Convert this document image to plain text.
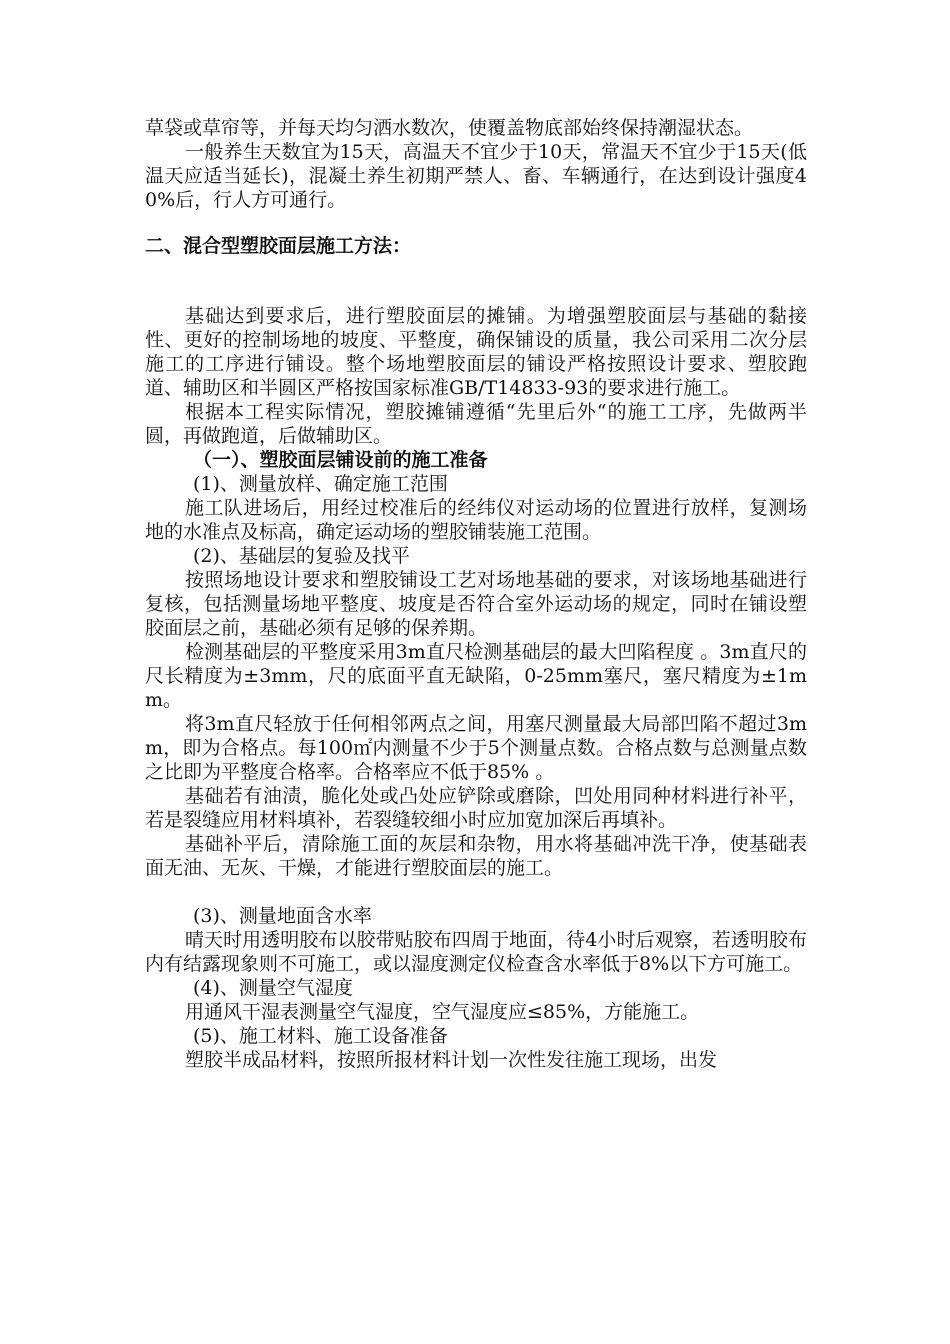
草袋或草帘等，并每天均匀洒水数次，使覆盖物底部始终保持潮湿状态。

一般养生天数宜为15天，高温天不宜少于10天，常温天不宜少于15天(低温天应适当延长)，混凝土养生初期严禁人、畜、车辆通行，在达到设计强度40%后，行人方可通行。

二、混合型塑胶面层施工方法：

基础达到要求后，进行塑胶面层的摊铺。为增强塑胶面层与基础的黏接性、更好的控制场地的坡度、平整度，确保铺设的质量，我公司采用二次分层施工的工序进行铺设。整个场地塑胶面层的铺设严格按照设计要求、塑胶跑道、辅助区和半圆区严格按国家标准GB/T14833-93的要求进行施工。

根据本工程实际情况，塑胶摊铺遵循“先里后外“的施工工序，先做两半圆，再做跑道，后做辅助区。

（一）、塑胶面层铺设前的施工准备

(1)、测量放样、确定施工范围

施工队进场后，用经过校准后的经纬仪对运动场的位置进行放样，复测场地的水准点及标高，确定运动场的塑胶铺装施工范围。

(2)、基础层的复验及找平

按照场地设计要求和塑胶铺设工艺对场地基础的要求，对该场地基础进行复核，包括测量场地平整度、坡度是否符合室外运动场的规定，同时在铺设塑胶面层之前，基础必须有足够的保养期。

检测基础层的平整度采用3m直尺检测基础层的最大凹陷程度 。3m直尺的尺长精度为±3mm，尺的底面平直无缺陷，0-25mm塞尺，塞尺精度为±1mm。

将3m直尺轻放于任何相邻两点之间，用塞尺测量最大局部凹陷不超过3mm，即为合格点。每100㎡内测量不少于5个测量点数。合格点数与总测量点数之比即为平整度合格率。合格率应不低于85% 。

基础若有油渍，脆化处或凸处应铲除或磨除，凹处用同种材料进行补平，若是裂缝应用材料填补，若裂缝较细小时应加宽加深后再填补。

基础补平后，清除施工面的灰层和杂物，用水将基础冲洗干净，使基础表面无油、无灰、干燥，才能进行塑胶面层的施工。

(3)、测量地面含水率

晴天时用透明胶布以胶带贴胶布四周于地面，待4小时后观察，若透明胶布内有结露现象则不可施工，或以湿度测定仪检查含水率低于8%以下方可施工。

(4)、测量空气湿度

用通风干湿表测量空气湿度，空气湿度应≤85%，方能施工。

(5)、施工材料、施工设备准备

塑胶半成品材料，按照所报材料计划一次性发往施工现场，出发
